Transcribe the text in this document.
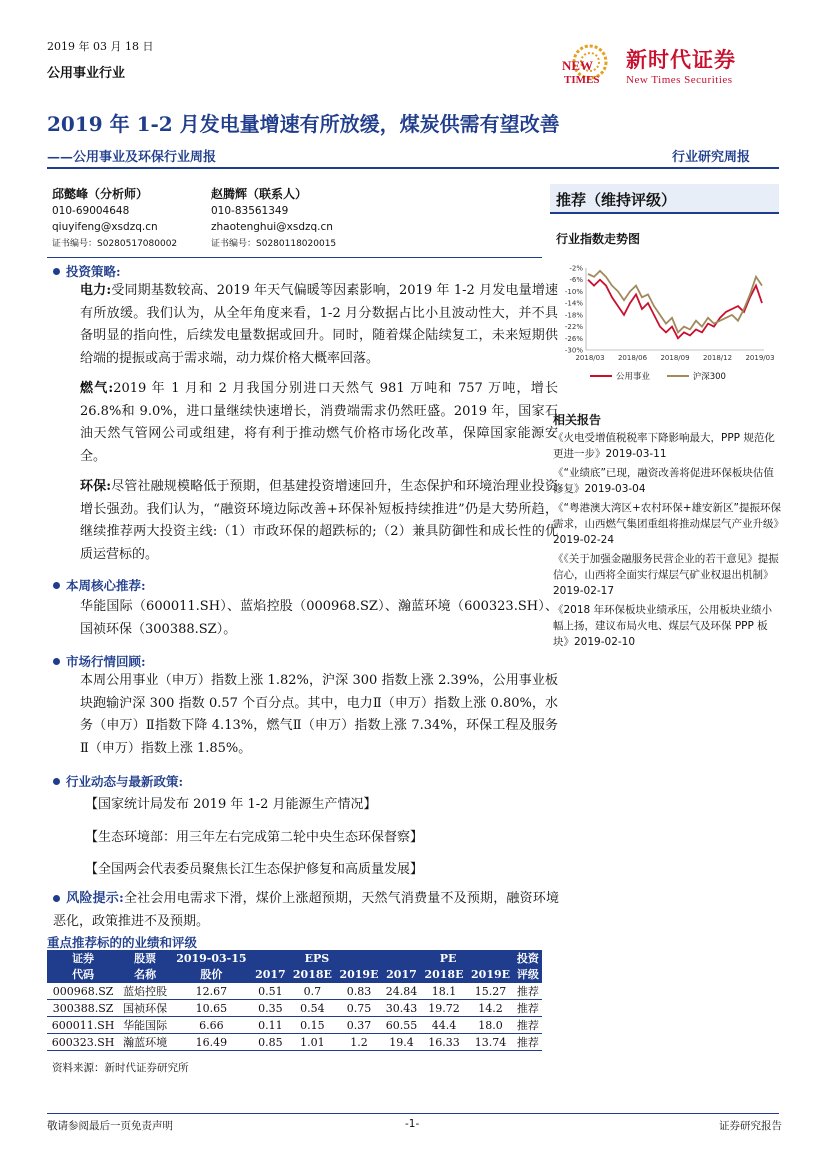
2019 年 03 月 18 日
公用事业行业
NEW
TIMES
新时代证券
New Times Securities
2019 年 1-2 月发电量增速有所放缓，煤炭供需有望改善
——公用事业及环保行业周报	行业研究周报
邱懿峰（分析师）
010-69004648
qiuyifeng@xsdzq.cn
证书编号：S0280517080002
赵腾辉（联系人）
010-83561349
zhaotenghui@xsdzq.cn
证书编号：S0280118020015
推荐（维持评级）
行业指数走势图
-2%
-6%
-10%
-14%
-18%
-22%
-26%
-30%
2018/03 2018/06 2018/09 2018/12 2019/03
公用事业
	沪深300
相关报告
《火电受增值税税率下降影响最大，PPP 规范化更进一步》2019-03-11
《“业绩底”已现，融资改善将促进环保板块估值修复》2019-03-04
《“粤港澳大湾区+农村环保+雄安新区”提振环保需求，山西燃气集团重组将推动煤层气产业升级》2019-02-24
《《关于加强金融服务民营企业的若干意见》提振信心，山西将全面实行煤层气矿业权退出机制》2019-02-17
《2018 年环保板块业绩承压，公用板块业绩小幅上扬，建议布局火电、煤层气及环保 PPP 板块》2019-02-10
投资策略:
电力:受同期基数较高、2019 年天气偏暖等因素影响，2019 年 1-2 月发电量增速有所放缓。我们认为，从全年角度来看，1-2 月分数据占比小且波动性大，并不具备明显的指向性，后续发电量数据或回升。同时，随着煤企陆续复工，未来短期供给端的提振或高于需求端，动力煤价格大概率回落。
燃气:2019 年 1 月和 2 月我国分别进口天然气 981 万吨和 757 万吨，增长 26.8%和 9.0%，进口量继续快速增长，消费端需求仍然旺盛。2019 年，国家石油天然气管网公司或组建，将有利于推动燃气价格市场化改革，保障国家能源安全。
环保:尽管社融规模略低于预期，但基建投资增速回升，生态保护和环境治理业投资增长强劲。我们认为，“融资环境边际改善+环保补短板持续推进”仍是大势所趋，继续推荐两大投资主线:（1）市政环保的超跌标的;（2）兼具防御性和成长性的优质运营标的。
本周核心推荐:
华能国际（600011.SH）、蓝焰控股（000968.SZ）、瀚蓝环境（600323.SH）、国祯环保（300388.SZ）。
市场行情回顾:
本周公用事业（申万）指数上涨 1.82%，沪深 300 指数上涨 2.39%，公用事业板块跑输沪深 300 指数 0.57 个百分点。其中，电力Ⅱ（申万）指数上涨 0.80%，水务（申万）Ⅱ指数下降 4.13%，燃气Ⅱ（申万）指数上涨 7.34%，环保工程及服务Ⅱ（申万）指数上涨 1.85%。
行业动态与最新政策:
【国家统计局发布 2019 年 1-2 月能源生产情况】
【生态环境部：用三年左右完成第二轮中央生态环保督察】
【全国两会代表委员聚焦长江生态保护修复和高质量发展】
风险提示:全社会用电需求下滑，煤价上涨超预期，天然气消费量不及预期，融资环境恶化，政策推进不及预期。
重点推荐标的的业绩和评级
证券	股票	2019-03-15	EPS			PE			投资
代码	名称	股价	2017	2018E	2019E	2017	2018E	2019E	评级
000968.SZ	蓝焰控股	12.67	0.51	0.7	0.83	24.84	18.1	15.27	推荐
300388.SZ	国祯环保	10.65	0.35	0.54	0.75	30.43	19.72	14.2	推荐
600011.SH	华能国际	6.66	0.11	0.15	0.37	60.55	44.4	18.0	推荐
600323.SH	瀚蓝环境	16.49	0.85	1.01	1.2	19.4	16.33	13.74	推荐
资料来源：新时代证券研究所
敬请参阅最后一页免责声明	-1-	证券研究报告
